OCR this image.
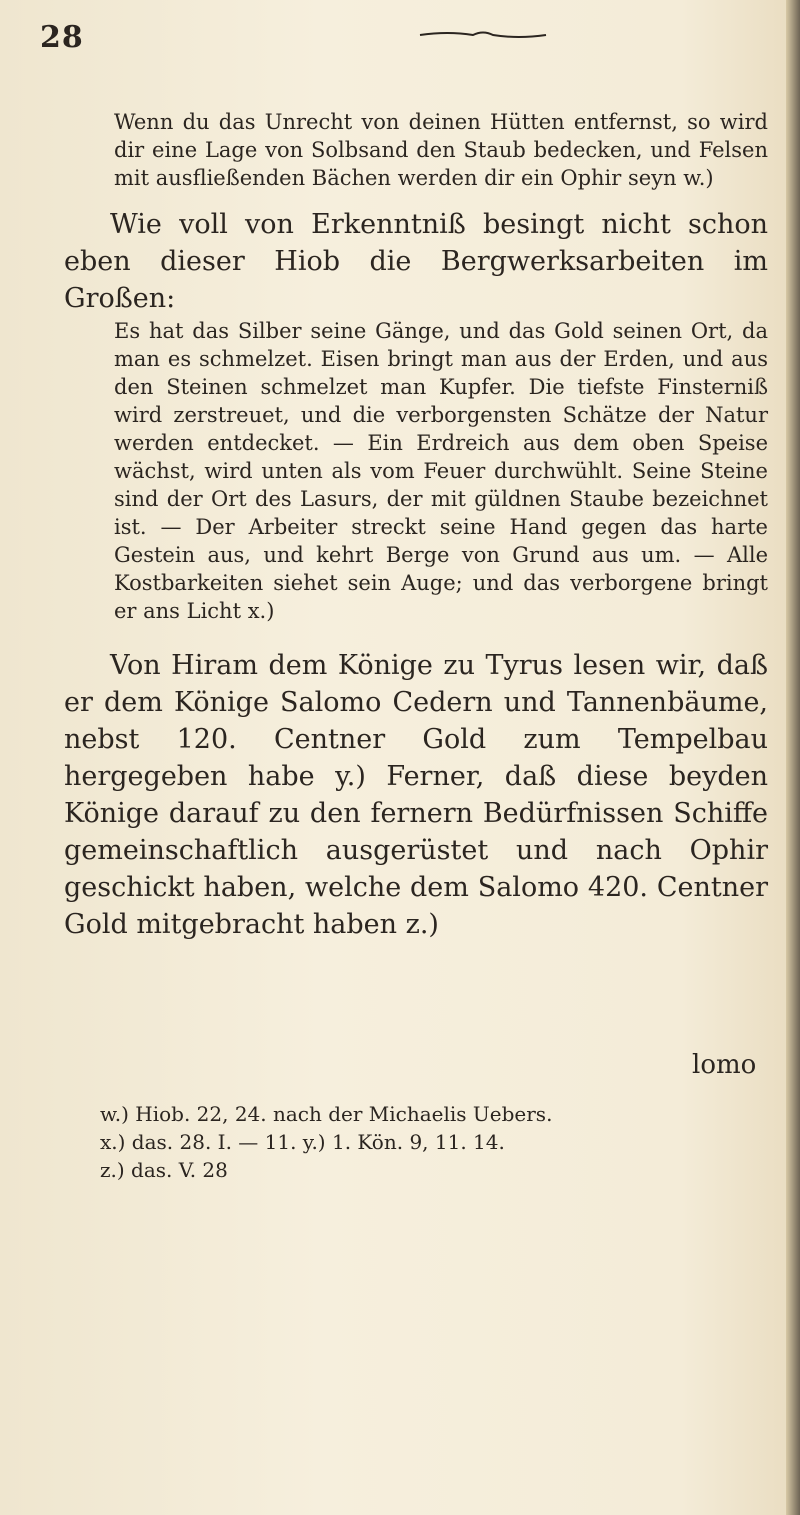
28

Wenn du das Unrecht von deinen Hütten entfernst, so wird dir eine Lage von Solbsand den Staub bedecken, und Felsen mit ausfließenden Bächen werden dir ein Ophir seyn w.)

Wie voll von Erkenntniß besingt nicht schon eben dieser Hiob die Bergwerksarbeiten im Großen:

Es hat das Silber seine Gänge, und das Gold seinen Ort, da man es schmelzet. Eisen bringt man aus der Erden, und aus den Steinen schmelzet man Kupfer. Die tiefste Finsterniß wird zerstreuet, und die verborgensten Schätze der Natur werden entdecket. — Ein Erdreich aus dem oben Speise wächst, wird unten als vom Feuer durchwühlt. Seine Steine sind der Ort des Lasurs, der mit güldnen Staube bezeichnet ist. — Der Arbeiter streckt seine Hand gegen das harte Gestein aus, und kehrt Berge von Grund aus um. — Alle Kostbarkeiten siehet sein Auge; und das verborgene bringt er ans Licht x.)

Von Hiram dem Könige zu Tyrus lesen wir, daß er dem Könige Salomo Cedern und Tannenbäume, nebst 120. Centner Gold zum Tempelbau hergegeben habe y.) Ferner, daß diese beyden Könige darauf zu den fernern Bedürfnissen Schiffe gemeinschaftlich ausgerüstet und nach Ophir geschickt haben, welche dem Salomo 420. Centner Gold mitgebracht haben z.)

lomo

w.) Hiob. 22, 24. nach der Michaelis Uebers.

x.) das. 28. I. — 11. y.) 1. Kön. 9, 11. 14.

z.) das. V. 28
